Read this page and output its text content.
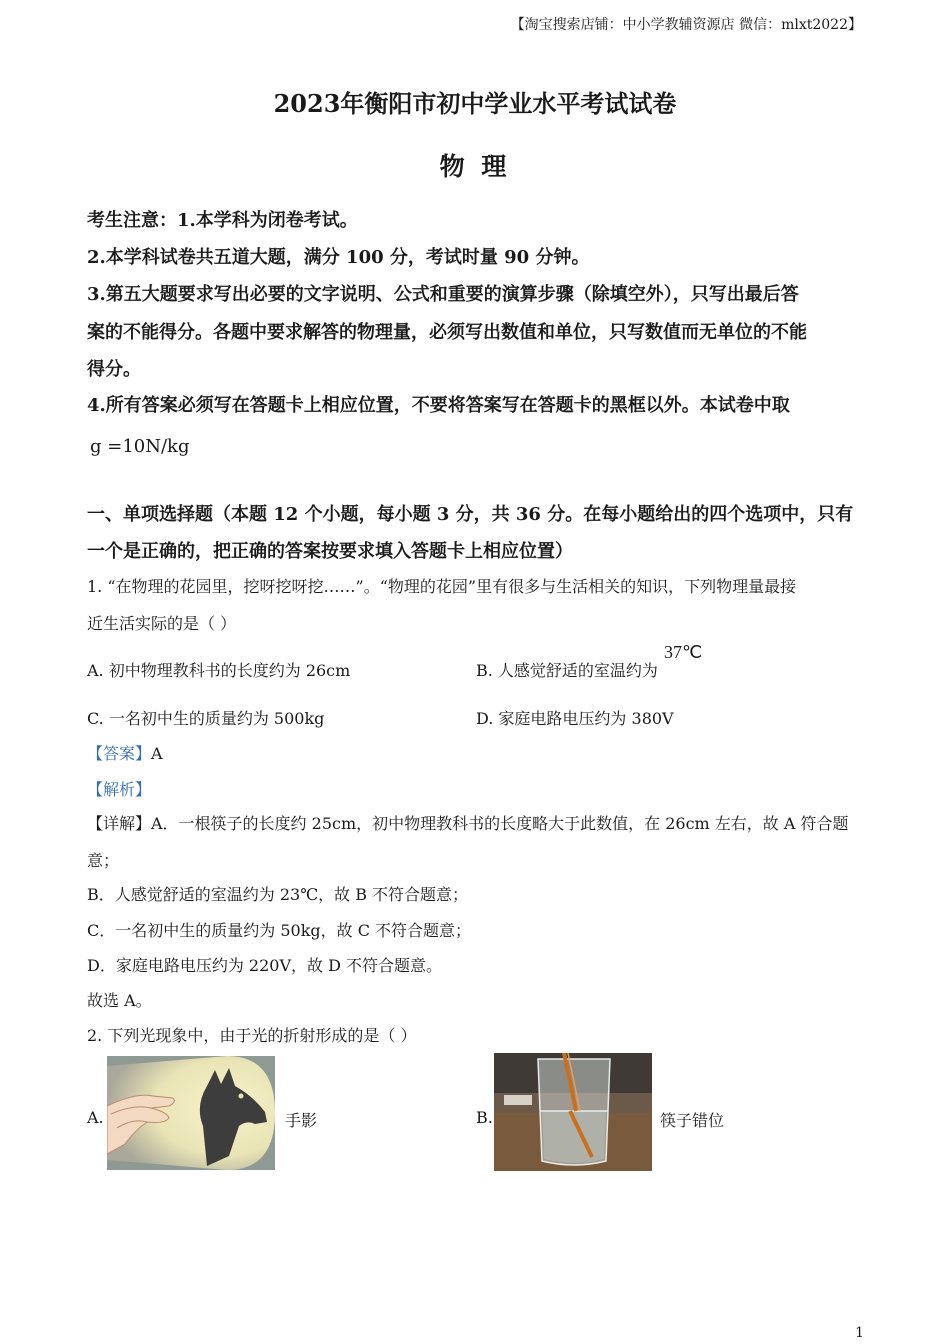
【淘宝搜索店铺：中小学教辅资源店 微信：mlxt2022】
2023年衡阳市初中学业水平考试试卷
物 理
考生注意：1.本学科为闭卷考试。
2.本学科试卷共五道大题，满分 100 分，考试时量 90 分钟。
3.第五大题要求写出必要的文字说明、公式和重要的演算步骤（除填空外），只写出最后答
案的不能得分。各题中要求解答的物理量，必须写出数值和单位，只写数值而无单位的不能
得分。
4.所有答案必须写在答题卡上相应位置，不要将答案写在答题卡的黑框以外。本试卷中取
g =10N/kg
一、单项选择题（本题 12 个小题，每小题 3 分，共 36 分。在每小题给出的四个选项中，只有
一个是正确的，把正确的答案按要求填入答题卡上相应位置）
1. “在物理的花园里，挖呀挖呀挖……”。“物理的花园”里有很多与生活相关的知识，下列物理量最接
近生活实际的是（ ）
A. 初中物理教科书的长度约为 26cm	B. 人感觉舒适的室温约为
37℃
C. 一名初中生的质量约为 500kg	D. 家庭电路电压约为 380V
【答案】A
【解析】
【详解】A．一根筷子的长度约 25cm，初中物理教科书的长度略大于此数值，在 26cm 左右，故 A 符合题
意；
B．人感觉舒适的室温约为 23℃，故 B 不符合题意；
C．一名初中生的质量约为 50kg，故 C 不符合题意；
D．家庭电路电压约为 220V，故 D 不符合题意。
故选 A。
2. 下列光现象中，由于光的折射形成的是（ ）
A.	手影	B.	筷子错位
1
